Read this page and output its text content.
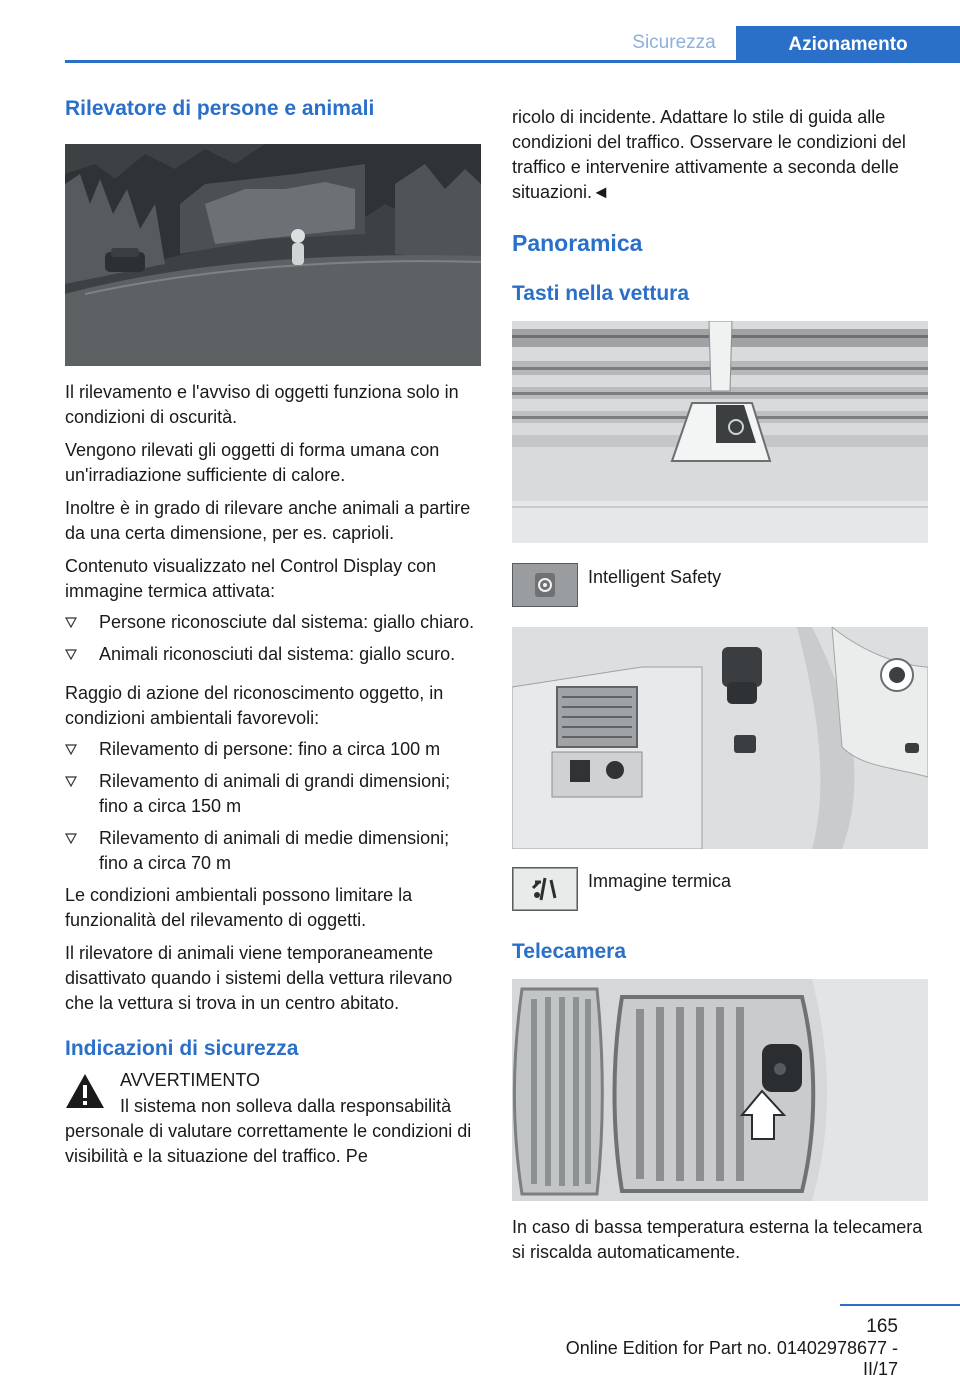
Sicurezza	Azionamento
Rilevatore di persone e animali

Il rilevamento e l'avviso di oggetti funziona solo in condizioni di oscurità.

Vengono rilevati gli oggetti di forma umana con un'irradiazione sufficiente di calore.

Inoltre è in grado di rilevare anche animali a partire da una certa dimensione, per es. caprioli.

Contenuto visualizzato nel Control Display con immagine termica attivata:

Persone riconosciute dal sistema: giallo chiaro.
Animali riconosciuti dal sistema: giallo scuro.

Raggio di azione del riconoscimento oggetto, in condizioni ambientali favorevoli:

Rilevamento di persone: fino a circa 100 m
Rilevamento di animali di grandi dimensioni; fino a circa 150 m
Rilevamento di animali di medie dimensioni; fino a circa 70 m

Le condizioni ambientali possono limitare la funzionalità del rilevamento di oggetti.

Il rilevatore di animali viene temporaneamente disattivato quando i sistemi della vettura rilevano che la vettura si trova in un centro abitato.

Indicazioni di sicurezza

AVVERTIMENTO

Il sistema non solleva dalla responsabilità

personale di valutare correttamente le condizioni di visibilità e la situazione del traffico. Pe

ricolo di incidente. Adattare lo stile di guida alle condizioni del traffico. Osservare le condizioni del traffico e intervenire attivamente a seconda delle situazioni.◄

Panoramica
Tasti nella vettura
Intelligent Safety
Immagine termica
Telecamera

In caso di bassa temperatura esterna la telecamera si riscalda automaticamente.

165
Online Edition for Part no. 01402978677 - II/17
